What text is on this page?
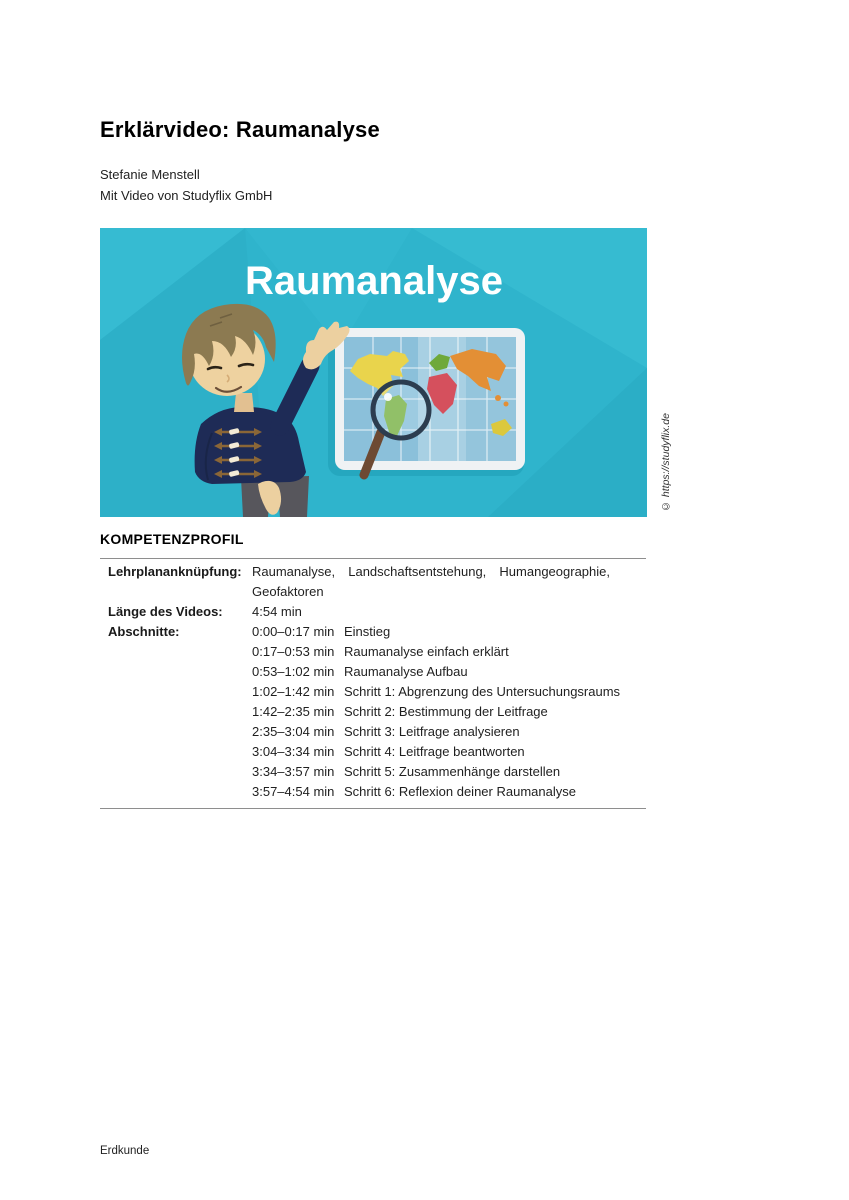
Erklärvideo: Raumanalyse
Stefanie Menstell
Mit Video von Studyflix GmbH
Raumanalyse
© https://studyflix.de
KOMPETENZPROFIL
Lehrplananknüpfung: Raumanalyse, Landschaftsentstehung, Humangeographie, Geofaktoren
Länge des Videos:	4:54 min
Abschnitte:	0:00–0:17 min Einstieg
0:17–0:53 min Raumanalyse einfach erklärt
0:53–1:02 min Raumanalyse Aufbau
1:02–1:42 min Schritt 1: Abgrenzung des Untersuchungsraums
1:42–2:35 min Schritt 2: Bestimmung der Leitfrage
2:35–3:04 min Schritt 3: Leitfrage analysieren
3:04–3:34 min Schritt 4: Leitfrage beantworten
3:34–3:57 min Schritt 5: Zusammenhänge darstellen
3:57–4:54 min Schritt 6: Reflexion deiner Raumanalyse
Erdkunde
